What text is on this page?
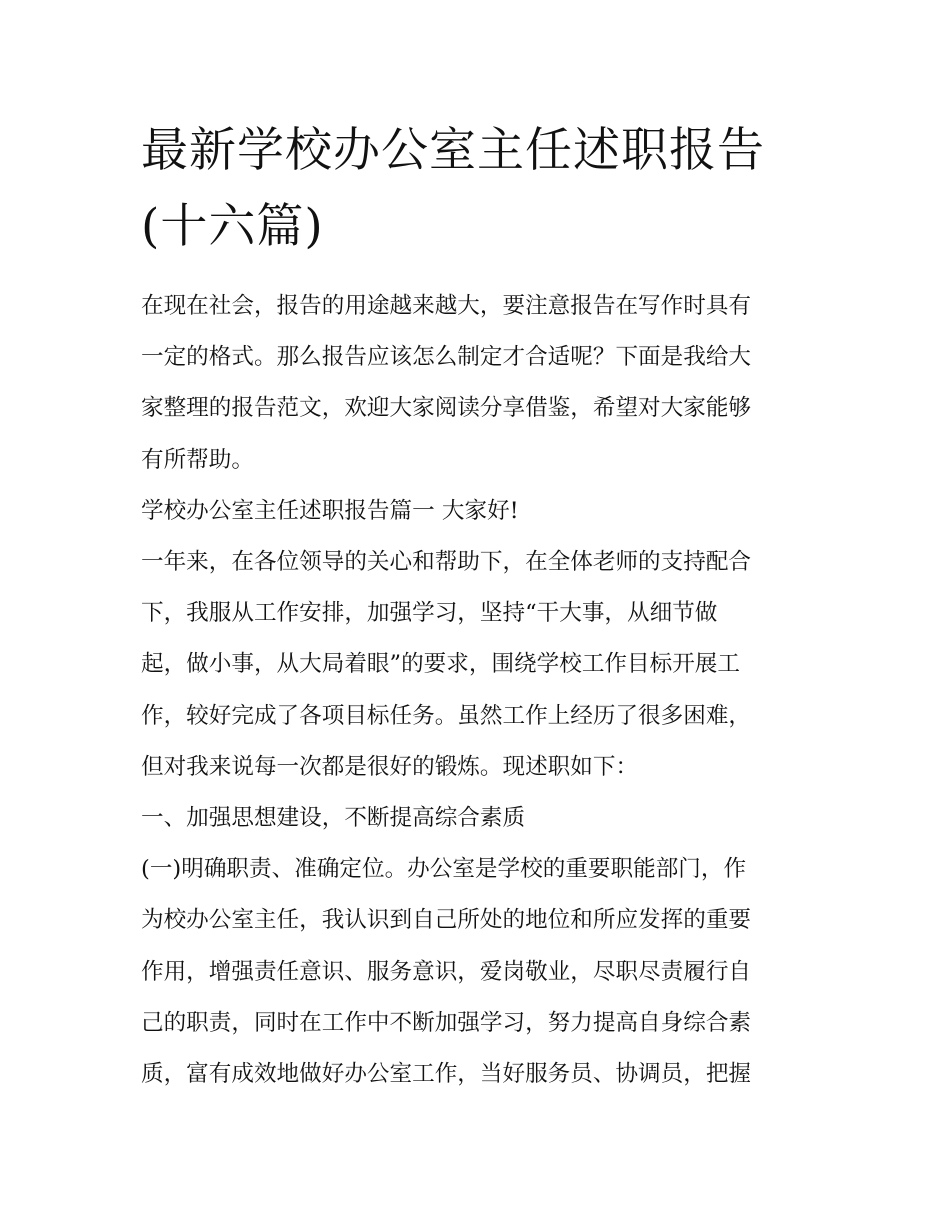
最新学校办公室主任述职报告
(十六篇)
在现在社会，报告的用途越来越大，要注意报告在写作时具有
一定的格式。那么报告应该怎么制定才合适呢？下面是我给大
家整理的报告范文，欢迎大家阅读分享借鉴，希望对大家能够
有所帮助。
学校办公室主任述职报告篇一 大家好!
一年来，在各位领导的关心和帮助下，在全体老师的支持配合
下，我服从工作安排，加强学习，坚持“干大事，从细节做
起，做小事，从大局着眼”的要求，围绕学校工作目标开展工
作，较好完成了各项目标任务。虽然工作上经历了很多困难，
但对我来说每一次都是很好的锻炼。现述职如下：
一、加强思想建设，不断提高综合素质
(一)明确职责、准确定位。办公室是学校的重要职能部门，作
为校办公室主任，我认识到自己所处的地位和所应发挥的重要
作用，增强责任意识、服务意识，爱岗敬业，尽职尽责履行自
己的职责，同时在工作中不断加强学习，努力提高自身综合素
质，富有成效地做好办公室工作，当好服务员、协调员，把握
